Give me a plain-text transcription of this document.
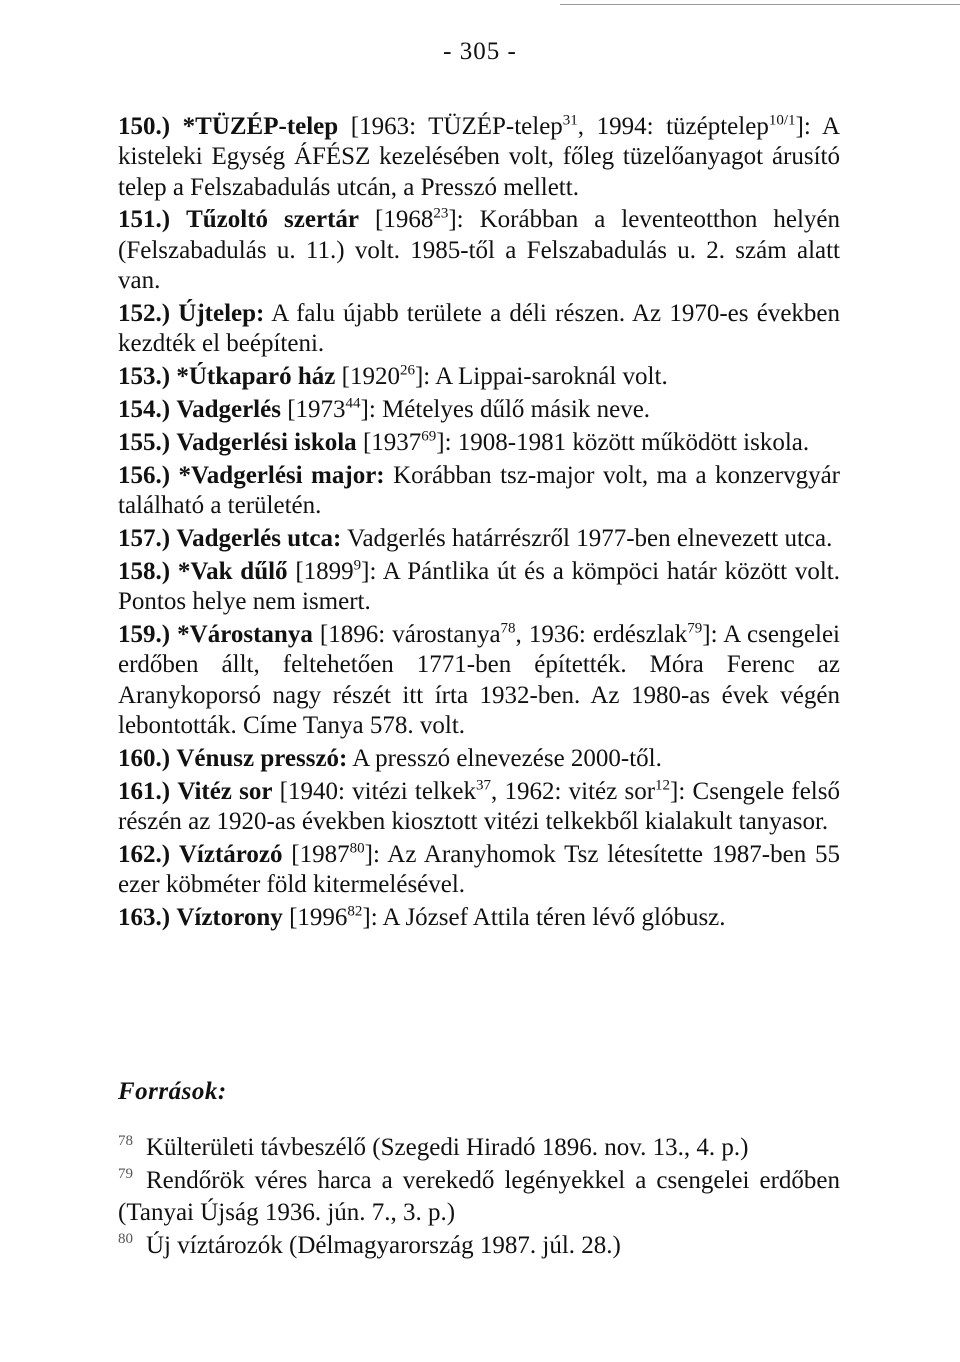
- 305 -

150.) *TÜZÉP-telep [1963: TÜZÉP-telep$^{31}$, 1994: tüzéptelep$^{10/1}$]: A kisteleki Egység ÁFÉSZ kezelésében volt, főleg tüzelőanyagot árusító telep a Felszabadulás utcán, a Presszó mellett.

151.) Tűzoltó szertár [1968$^{23}$]: Korábban a leventeotthon helyén (Felszabadulás u. 11.) volt. 1985-től a Felszabadulás u. 2. szám alatt van.

152.) Újtelep: A falu újabb területe a déli részen. Az 1970-es években kezdték el beépíteni.

153.) *Útkaparó ház [1920$^{26}$]: A Lippai-saroknál volt.

154.) Vadgerlés [1973$^{44}$]: Mételyes dűlő másik neve.

155.) Vadgerlési iskola [1937$^{69}$]: 1908-1981 között működött iskola.

156.) *Vadgerlési major: Korábban tsz-major volt, ma a konzervgyár található a területén.

157.) Vadgerlés utca: Vadgerlés határrészről 1977-ben elnevezett utca.

158.) *Vak dűlő [1899$^9$]: A Pántlika út és a kömpöci határ között volt. Pontos helye nem ismert.

159.) *Várostanya [1896: várostanya$^{78}$, 1936: erdészlak$^{79}$]: A csengelei erdőben állt, feltehetően 1771-ben építették. Móra Ferenc az Aranykoporsó nagy részét itt írta 1932-ben. Az 1980-as évek végén lebontották. Címe Tanya 578. volt.

160.) Vénusz presszó: A presszó elnevezése 2000-től.

161.) Vitéz sor [1940: vitézi telkek$^{37}$, 1962: vitéz sor$^{12}$]: Csengele felső részén az 1920-as években kiosztott vitézi telkekből kialakult tanyasor.

162.) Víztározó [1987$^{80}$]: Az Aranyhomok Tsz létesítette 1987-ben 55 ezer köbméter föld kitermelésével.

163.) Víztorony [1996$^{82}$]: A József Attila téren lévő glóbusz.

Források:
78 Külterületi távbeszélő (Szegedi Hiradó 1896. nov. 13., 4. p.)
79 Rendőrök véres harca a verekedő legényekkel a csengelei erdőben (Tanyai Újság 1936. jún. 7., 3. p.)
80 Új víztározók (Délmagyarország 1987. júl. 28.)
